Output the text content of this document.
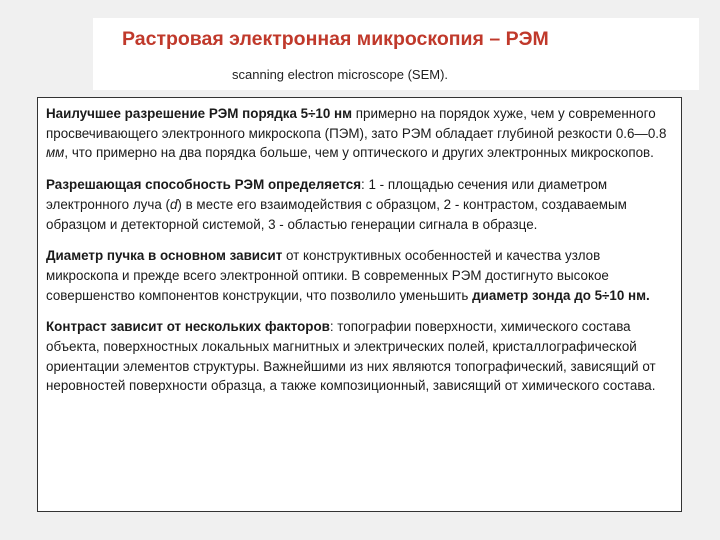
Растровая электронная микроскопия – РЭМ
scanning electron microscope (SEM).

Наилучшее разрешение РЭМ порядка 5÷10 нм примерно на порядок хуже, чем у современного просвечивающего электронного микроскопа (ПЭМ), зато РЭМ обладает глубиной резкости 0.6—0.8 мм, что примерно на два порядка больше, чем у оптического и других электронных микроскопов.

Разрешающая способность РЭМ определяется: 1 - площадью сечения или диаметром электронного луча (d) в месте его взаимодействия с образцом, 2 - контрастом, создаваемым образцом и детекторной системой, 3 - областью генерации сигнала в образце.

Диаметр пучка в основном зависит от конструктивных особенностей и качества узлов микроскопа и прежде всего электронной оптики. В современных РЭМ достигнуто высокое совершенство компонентов конструкции, что позволило уменьшить диаметр зонда до 5÷10 нм.

Контраст зависит от нескольких факторов: топографии поверхности, химического состава объекта, поверхностных локальных магнитных и электрических полей, кристаллографической ориентации элементов структуры. Важнейшими из них являются топографический, зависящий от неровностей поверхности образца, а также композиционный, зависящий от химического состава.
